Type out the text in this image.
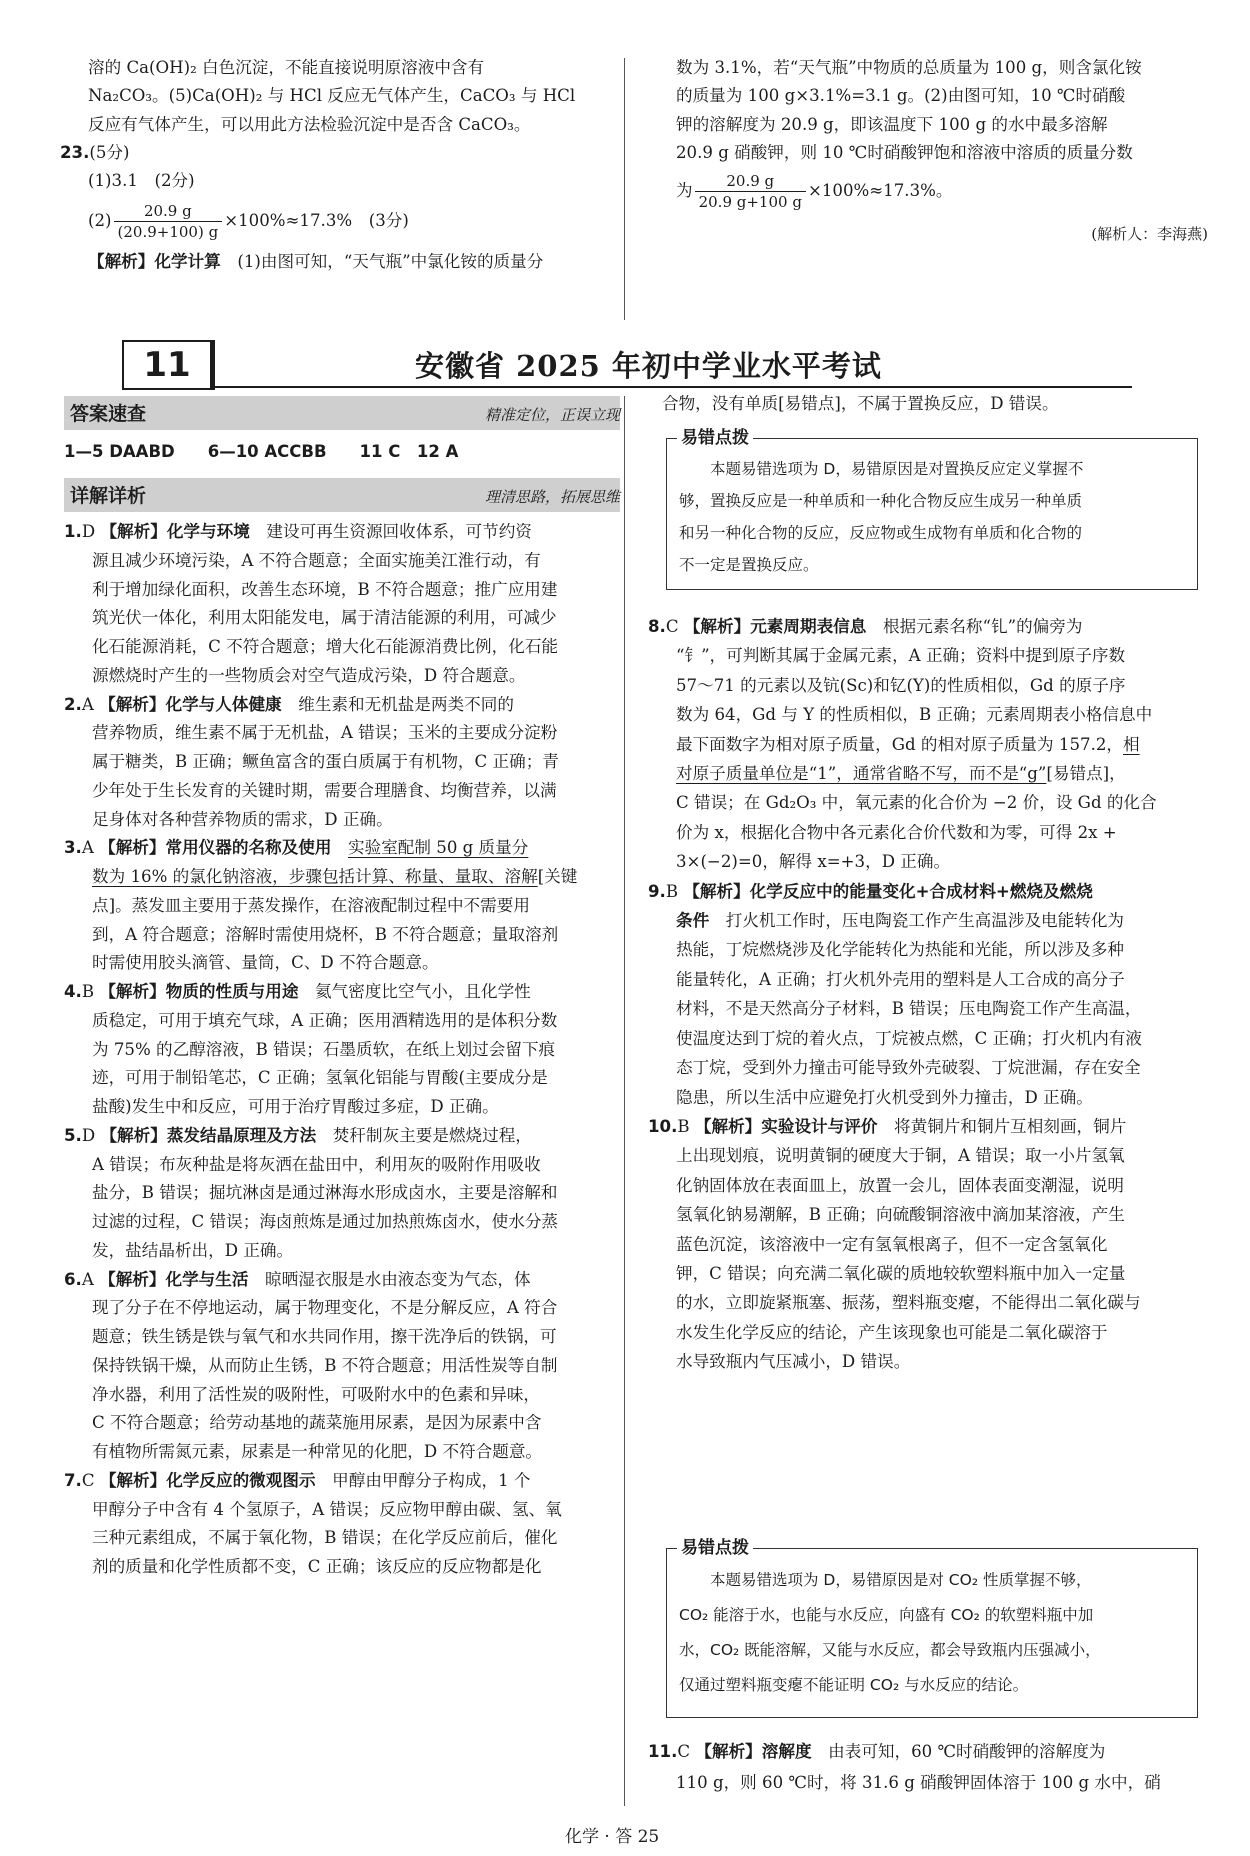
溶的 Ca(OH)₂ 白色沉淀，不能直接说明原溶液中含有

Na₂CO₃。(5)Ca(OH)₂ 与 HCl 反应无气体产生，CaCO₃ 与 HCl

反应有气体产生，可以用此方法检验沉淀中是否含 CaCO₃。

23.(5分)

(1)3.1　(2分)

$(2) \frac{20.9 g}{(20.9+100) g} \times 100\%\approx 17.3\%$　(3分)

【解析】化学计算　(1)由图可知，“天气瓶”中氯化铵的质量分

数为 3.1%，若“天气瓶”中物质的总质量为 100 g，则含氯化铵

的质量为 100 g×3.1%=3.1 g。(2)由图可知，10 ℃时硝酸

钾的溶解度为 20.9 g，即该温度下 100 g 的水中最多溶解

20.9 g 硝酸钾，则 10 ℃时硝酸钾饱和溶液中溶质的质量分数

为 $\frac{20.9 g}{20.9 g+100 g} \times 100\%\approx 17.3\%$。

(解析人：李海燕)

11	安徽省 2025 年初中学业水平考试
答案速查	精准定位，正误立现
1—5 DAABD　　6—10 ACCBB　　11 C　12 A
详解详析	理清思路，拓展思维

1.D 【解析】化学与环境　建设可再生资源回收体系，可节约资

源且减少环境污染，A 不符合题意；全面实施美江淮行动，有

利于增加绿化面积，改善生态环境，B 不符合题意；推广应用建

筑光伏一体化，利用太阳能发电，属于清洁能源的利用，可减少

化石能源消耗，C 不符合题意；增大化石能源消费比例，化石能

源燃烧时产生的一些物质会对空气造成污染，D 符合题意。

2.A 【解析】化学与人体健康　维生素和无机盐是两类不同的

营养物质，维生素不属于无机盐，A 错误；玉米的主要成分淀粉

属于糖类，B 正确；鳜鱼富含的蛋白质属于有机物，C 正确；青

少年处于生长发育的关键时期，需要合理膳食、均衡营养，以满

足身体对各种营养物质的需求，D 正确。

3.A 【解析】常用仪器的名称及使用　 实验室配制 50 g 质量分

数为 16% 的氯化钠溶液，步骤包括计算、称量、量取、溶解[关键

点]。蒸发皿主要用于蒸发操作，在溶液配制过程中不需要用

到，A 符合题意；溶解时需使用烧杯，B 不符合题意；量取溶剂

时需使用胶头滴管、量筒，C、D 不符合题意。

4.B 【解析】物质的性质与用途　氦气密度比空气小，且化学性

质稳定，可用于填充气球，A 正确；医用酒精选用的是体积分数

为 75% 的乙醇溶液，B 错误；石墨质软，在纸上划过会留下痕

迹，可用于制铅笔芯，C 正确；氢氧化铝能与胃酸(主要成分是

盐酸)发生中和反应，可用于治疗胃酸过多症，D 正确。

5.D 【解析】蒸发结晶原理及方法　焚秆制灰主要是燃烧过程，

A 错误；布灰种盐是将灰洒在盐田中，利用灰的吸附作用吸收

盐分，B 错误；掘坑淋卤是通过淋海水形成卤水，主要是溶解和

过滤的过程，C 错误；海卤煎炼是通过加热煎炼卤水，使水分蒸

发，盐结晶析出，D 正确。

6.A 【解析】化学与生活　晾晒湿衣服是水由液态变为气态，体

现了分子在不停地运动，属于物理变化，不是分解反应，A 符合

题意；铁生锈是铁与氧气和水共同作用，擦干洗净后的铁锅，可

保持铁锅干燥，从而防止生锈，B 不符合题意；用活性炭等自制

净水器，利用了活性炭的吸附性，可吸附水中的色素和异味，

C 不符合题意；给劳动基地的蔬菜施用尿素，是因为尿素中含

有植物所需氮元素，尿素是一种常见的化肥，D 不符合题意。

7.C 【解析】化学反应的微观图示　甲醇由甲醇分子构成，1 个

甲醇分子中含有 4 个氢原子，A 错误；反应物甲醇由碳、氢、氧

三种元素组成，不属于氧化物，B 错误；在化学反应前后，催化

剂的质量和化学性质都不变，C 正确；该反应的反应物都是化

合物，没有单质[易错点]，不属于置换反应，D 错误。

易错点拨
　　本题易错选项为 D，易错原因是对置换反应定义掌握不
够，置换反应是一种单质和一种化合物反应生成另一种单质
和另一种化合物的反应，反应物或生成物有单质和化合物的
不一定是置换反应。

8.C 【解析】元素周期表信息　根据元素名称“钆”的偏旁为

“钅”，可判断其属于金属元素，A 正确；资料中提到原子序数

57～71 的元素以及钪(Sc)和钇(Y)的性质相似，Gd 的原子序

数为 64，Gd 与 Y 的性质相似，B 正确；元素周期表小格信息中

最下面数字为相对原子质量，Gd 的相对原子质量为 157.2，相

对原子质量单位是“1”，通常省略不写，而不是“g”[易错点]，

C 错误；在 Gd₂O₃ 中，氧元素的化合价为 −2 价，设 Gd 的化合

价为 x，根据化合物中各元素化合价代数和为零，可得 2x +

3×(−2)=0，解得 x=+3，D 正确。

9.B 【解析】化学反应中的能量变化+合成材料+燃烧及燃烧

条件　打火机工作时，压电陶瓷工作产生高温涉及电能转化为

热能，丁烷燃烧涉及化学能转化为热能和光能，所以涉及多种

能量转化，A 正确；打火机外壳用的塑料是人工合成的高分子

材料，不是天然高分子材料，B 错误；压电陶瓷工作产生高温，

使温度达到丁烷的着火点，丁烷被点燃，C 正确；打火机内有液

态丁烷，受到外力撞击可能导致外壳破裂、丁烷泄漏，存在安全

隐患，所以生活中应避免打火机受到外力撞击，D 正确。

10.B 【解析】实验设计与评价　将黄铜片和铜片互相刻画，铜片

上出现划痕，说明黄铜的硬度大于铜，A 错误；取一小片氢氧

化钠固体放在表面皿上，放置一会儿，固体表面变潮湿，说明

氢氧化钠易潮解，B 正确；向硫酸铜溶液中滴加某溶液，产生

蓝色沉淀，该溶液中一定有氢氧根离子，但不一定含氢氧化

钾，C 错误；向充满二氧化碳的质地较软塑料瓶中加入一定量

的水，立即旋紧瓶塞、振荡，塑料瓶变瘪，不能得出二氧化碳与

水发生化学反应的结论，产生该现象也可能是二氧化碳溶于

水导致瓶内气压减小，D 错误。

易错点拨
　　本题易错选项为 D，易错原因是对 CO₂ 性质掌握不够，
CO₂ 能溶于水，也能与水反应，向盛有 CO₂ 的软塑料瓶中加
水，CO₂ 既能溶解，又能与水反应，都会导致瓶内压强减小，
仅通过塑料瓶变瘪不能证明 CO₂ 与水反应的结论。

11.C 【解析】溶解度　由表可知，60 ℃时硝酸钾的溶解度为

110 g，则 60 ℃时，将 31.6 g 硝酸钾固体溶于 100 g 水中，硝

化学 · 答 25
